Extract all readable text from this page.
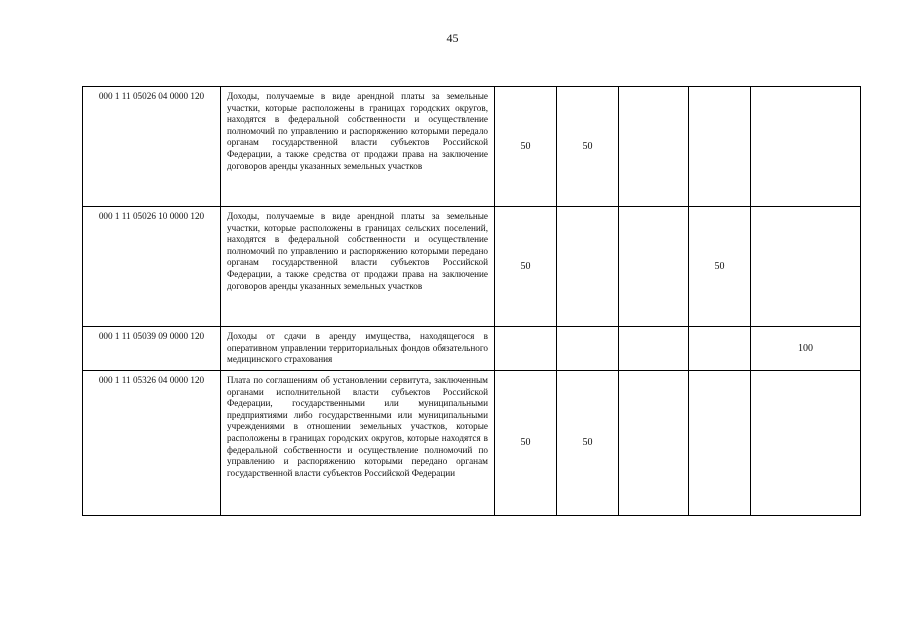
45
000 1 11 05026 04 0000 120	Доходы, получаемые в виде арендной платы за земельные участки, которые расположены в границах городских округов, находятся в федеральной собственности и осуществление полномочий по управлению и распоряжению которыми передало органам государственной власти субъектов Российской Федерации, а также средства от продажи права на заключение договоров аренды указанных земельных участков	50	50			
000 1 11 05026 10 0000 120	Доходы, получаемые в виде арендной платы за земельные участки, которые расположены в границах сельских поселений, находятся в федеральной собственности и осуществление полномочий по управлению и распоряжению которыми передано органам государственной власти субъектов Российской Федерации, а также средства от продажи права на заключение договоров аренды указанных земельных участков	50			50	
000 1 11 05039 09 0000 120	Доходы от сдачи в аренду имущества, находящегося в оперативном управлении территориальных фондов обязательного медицинского страхования					100
000 1 11 05326 04 0000 120	Плата по соглашениям об установлении сервитута, заключенным органами исполнительной власти субъектов Российской Федерации, государственными или муниципальными предприятиями либо государственными или муниципальными учреждениями в отношении земельных участков, которые расположены в границах городских округов, которые находятся в федеральной собственности и осуществление полномочий по управлению и распоряжению которыми передано органам государственной власти субъектов Российской Федерации	50	50			
